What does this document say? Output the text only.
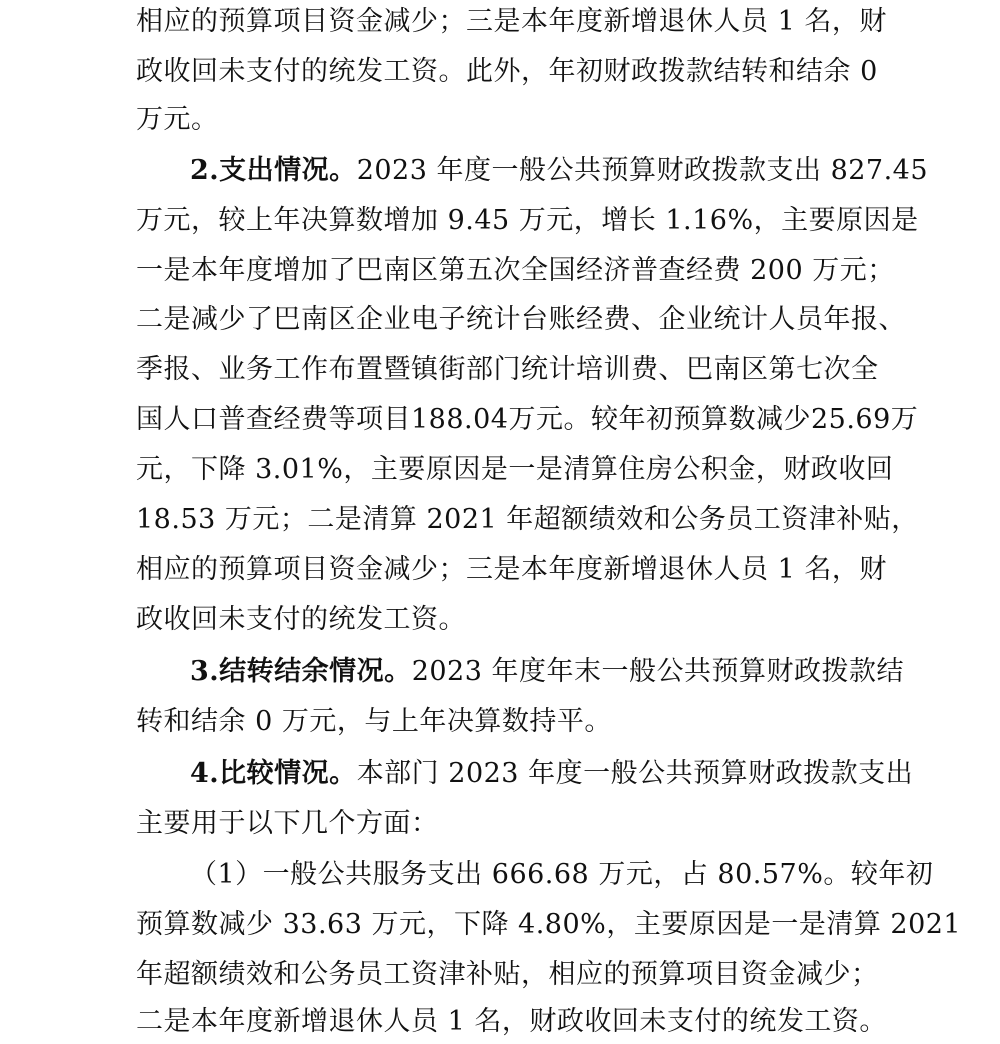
相应的预算项目资金减少；三是本年度新增退休人员 1 名，财
政收回未支付的统发工资。此外，年初财政拨款结转和结余 0
万元。
2.支出情况。2023 年度一般公共预算财政拨款支出 827.45
万元，较上年决算数增加 9.45 万元，增长 1.16%，主要原因是
一是本年度增加了巴南区第五次全国经济普查经费 200 万元；
二是减少了巴南区企业电子统计台账经费、企业统计人员年报、
季报、业务工作布置暨镇街部门统计培训费、巴南区第七次全
国人口普查经费等项目188.04万元。较年初预算数减少25.69万
元，下降 3.01%，主要原因是一是清算住房公积金，财政收回
18.53 万元；二是清算 2021 年超额绩效和公务员工资津补贴，
相应的预算项目资金减少；三是本年度新增退休人员 1 名，财
政收回未支付的统发工资。
3.结转结余情况。2023 年度年末一般公共预算财政拨款结
转和结余 0 万元，与上年决算数持平。
4.比较情况。本部门 2023 年度一般公共预算财政拨款支出
主要用于以下几个方面：
（1）一般公共服务支出 666.68 万元，占 80.57%。较年初
预算数减少 33.63 万元，下降 4.80%，主要原因是一是清算 2021
年超额绩效和公务员工资津补贴，相应的预算项目资金减少；
二是本年度新增退休人员 1 名，财政收回未支付的统发工资。
